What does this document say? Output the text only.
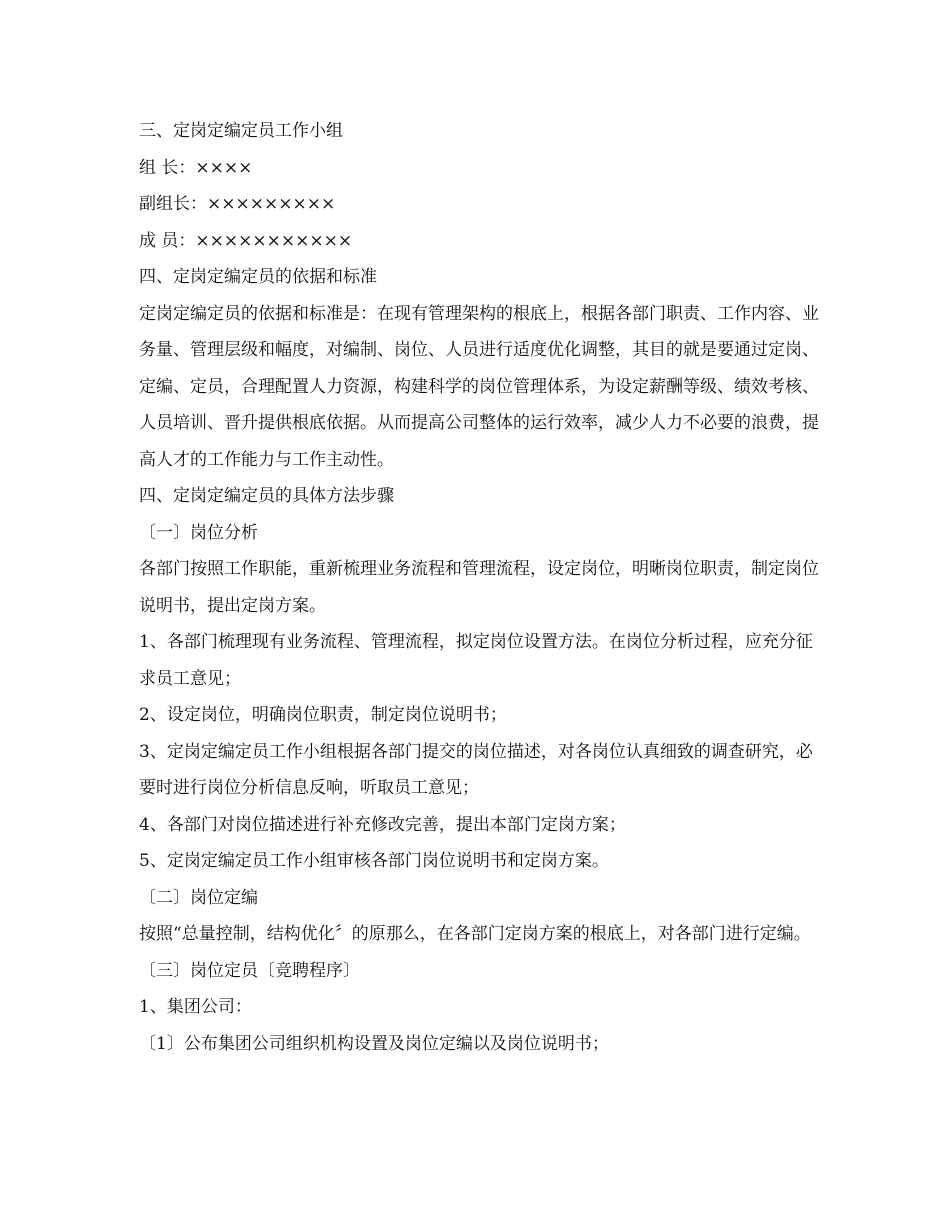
三、定岗定编定员工作小组

组 长：××××

副组长：×××××××××

成 员：×××××××××××

四、定岗定编定员的依据和标准

定岗定编定员的依据和标准是：在现有管理架构的根底上，根据各部门职责、工作内容、业务量、管理层级和幅度，对编制、岗位、人员进行适度优化调整，其目的就是要通过定岗、定编、定员，合理配置人力资源，构建科学的岗位管理体系，为设定薪酬等级、绩效考核、人员培训、晋升提供根底依据。从而提高公司整体的运行效率，减少人力不必要的浪费，提高人才的工作能力与工作主动性。

四、定岗定编定员的具体方法步骤

〔一〕岗位分析

各部门按照工作职能，重新梳理业务流程和管理流程，设定岗位，明晰岗位职责，制定岗位说明书，提出定岗方案。

1、各部门梳理现有业务流程、管理流程，拟定岗位设置方法。在岗位分析过程，应充分征求员工意见；

2、设定岗位，明确岗位职责，制定岗位说明书；

3、定岗定编定员工作小组根据各部门提交的岗位描述，对各岗位认真细致的调查研究，必要时进行岗位分析信息反响，听取员工意见；

4、各部门对岗位描述进行补充修改完善，提出本部门定岗方案；

5、定岗定编定员工作小组审核各部门岗位说明书和定岗方案。

〔二〕岗位定编

按照“总量控制，结构优化〞的原那么，在各部门定岗方案的根底上，对各部门进行定编。

〔三〕岗位定员〔竞聘程序〕

1、集团公司：

〔1〕公布集团公司组织机构设置及岗位定编以及岗位说明书；
